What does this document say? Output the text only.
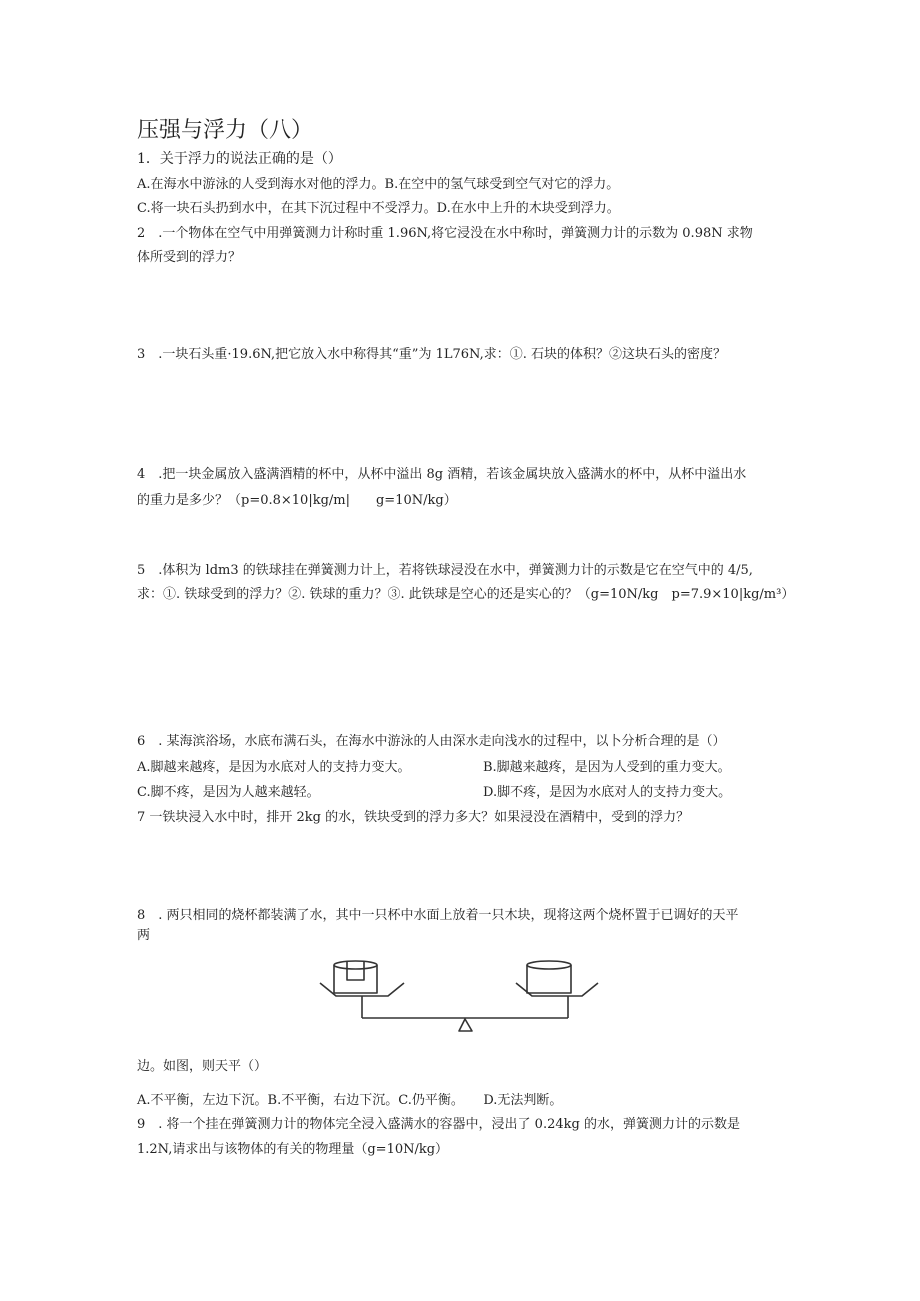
压强与浮力（八）
1．关于浮力的说法正确的是（）
A.在海水中游泳的人受到海水对他的浮力。B.在空中的氢气球受到空气对它的浮力。
C.将一块石头扔到水中，在其下沉过程中不受浮力。D.在水中上升的木块受到浮力。
2　.一个物体在空气中用弹簧测力计称时重 1.96N,将它浸没在水中称时，弹簧测力计的示数为 0.98N 求物
体所受到的浮力？
3　.一块石头重·19.6N,把它放入水中称得其“重”为 1L76N,求：①. 石块的体积？②这块石头的密度？
4　.把一块金属放入盛满酒精的杯中，从杯中溢出 8g 酒精，若该金属块放入盛满水的杯中，从杯中溢出水
的重力是多少？（p=0.8×10|kg∕m|　　g=10N∕kg）
5　.体积为 ldm3 的铁球挂在弹簧测力计上，若将铁球浸没在水中，弹簧测力计的示数是它在空气中的 4/5,
求：①. 铁球受到的浮力？②. 铁球的重力？③. 此铁球是空心的还是实心的？（g=10N∕kg　p=7.9×10|kg∕m³）
6　. 某海滨浴场，水底布满石头，在海水中游泳的人由深水走向浅水的过程中，以卜分析合理的是（）
A.脚越来越疼，是因为水底对人的支持力变大。	B.脚越来越疼，是因为人受到的重力变大。
C.脚不疼，是因为人越来越轻。	D.脚不疼，是因为水底对人的支持力变大。
7 一铁块浸入水中时，排开 2kg 的水，铁块受到的浮力多大？如果浸没在酒精中，受到的浮力？
8　. 两只相同的烧杯都装满了水，其中一只杯中水面上放着一只木块，现将这两个烧杯置于已调好的天平
两
边。如图，则天平（）
A.不平衡，左边下沉。B.不平衡，右边下沉。C.仍平衡。　　D.无法判断。
9　. 将一个挂在弹簧测力计的物体完全浸入盛满水的容器中，浸出了 0.24kg 的水，弹簧测力计的示数是
1.2N,请求出与该物体的有关的物理量（g=10N∕kg）
